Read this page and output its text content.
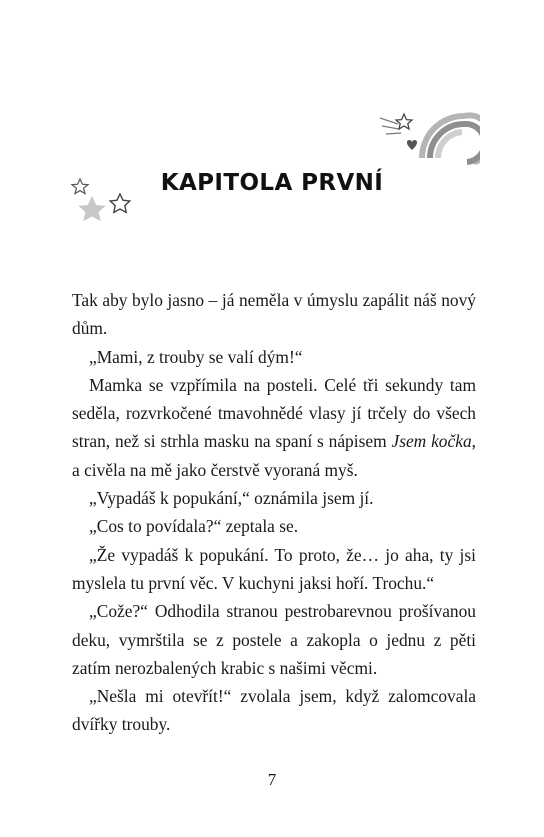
KAPITOLA PRVNÍ

Tak aby bylo jasno – já neměla v úmyslu zapálit náš nový dům.

„Mami, z trouby se valí dým!“

Mamka se vzpřímila na posteli. Celé tři sekundy tam seděla, rozvrkočené tmavohnědé vlasy jí trčely do všech stran, než si strhla masku na spaní s nápisem Jsem kočka, a civěla na mě jako čerstvě vyoraná myš.

„Vypadáš k popukání,“ oznámila jsem jí.

„Cos to povídala?“ zeptala se.

„Že vypadáš k popukání. To proto, že… jo aha, ty jsi myslela tu první věc. V kuchyni jaksi hoří. Trochu.“

„Cože?“ Odhodila stranou pestrobarevnou prošívanou deku, vymrštila se z postele a zakopla o jednu z pěti zatím nerozbalených krabic s našimi věcmi.

„Nešla mi otevřít!“ zvolala jsem, když zalomcovala dvířky trouby.

7
